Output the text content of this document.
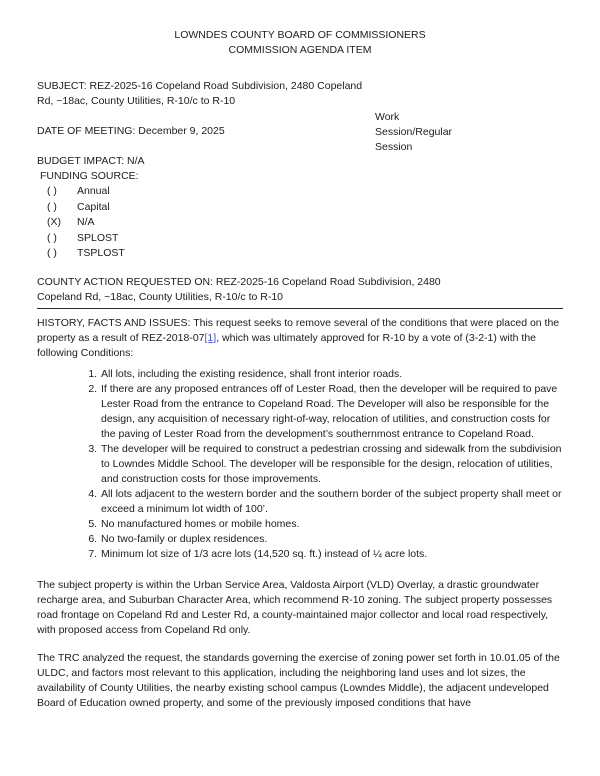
Work Session/Regular Session
LOWNDES COUNTY BOARD OF COMMISSIONERS
COMMISSION AGENDA ITEM
SUBJECT: REZ-2025-16 Copeland Road Subdivision, 2480 Copeland Rd, ~18ac, County Utilities, R-10/c to R-10
DATE OF MEETING: December 9, 2025
BUDGET IMPACT: N/A
FUNDING SOURCE:
( )	Annual
( )	Capital
(X)	N/A
( )	SPLOST
( )	TSPLOST
COUNTY ACTION REQUESTED ON: REZ-2025-16 Copeland Road Subdivision, 2480 Copeland Rd, ~18ac, County Utilities, R-10/c to R-10
HISTORY, FACTS AND ISSUES: This request seeks to remove several of the conditions that were placed on the property as a result of REZ-2018-07[1], which was ultimately approved for R-10 by a vote of (3-2-1) with the following Conditions:
1. All lots, including the existing residence, shall front interior roads.
2. If there are any proposed entrances off of Lester Road, then the developer will be required to pave Lester Road from the entrance to Copeland Road. The Developer will also be responsible for the design, any acquisition of necessary right-of-way, relocation of utilities, and construction costs for the paving of Lester Road from the development’s southernmost entrance to Copeland Road.
3. The developer will be required to construct a pedestrian crossing and sidewalk from the subdivision to Lowndes Middle School. The developer will be responsible for the design, relocation of utilities, and construction costs for those improvements.
4. All lots adjacent to the western border and the southern border of the subject property shall meet or exceed a minimum lot width of 100’.
5. No manufactured homes or mobile homes.
6. No two-family or duplex residences.
7. Minimum lot size of 1/3 acre lots (14,520 sq. ft.) instead of ¼ acre lots.
The subject property is within the Urban Service Area, Valdosta Airport (VLD) Overlay, a drastic groundwater recharge area, and Suburban Character Area, which recommend R-10 zoning. The subject property possesses road frontage on Copeland Rd and Lester Rd, a county-maintained major collector and local road respectively, with proposed access from Copeland Rd only.
The TRC analyzed the request, the standards governing the exercise of zoning power set forth in 10.01.05 of the ULDC, and factors most relevant to this application, including the neighboring land uses and lot sizes, the availability of County Utilities, the nearby existing school campus (Lowndes Middle), the adjacent undeveloped Board of Education owned property, and some of the previously imposed conditions that have
